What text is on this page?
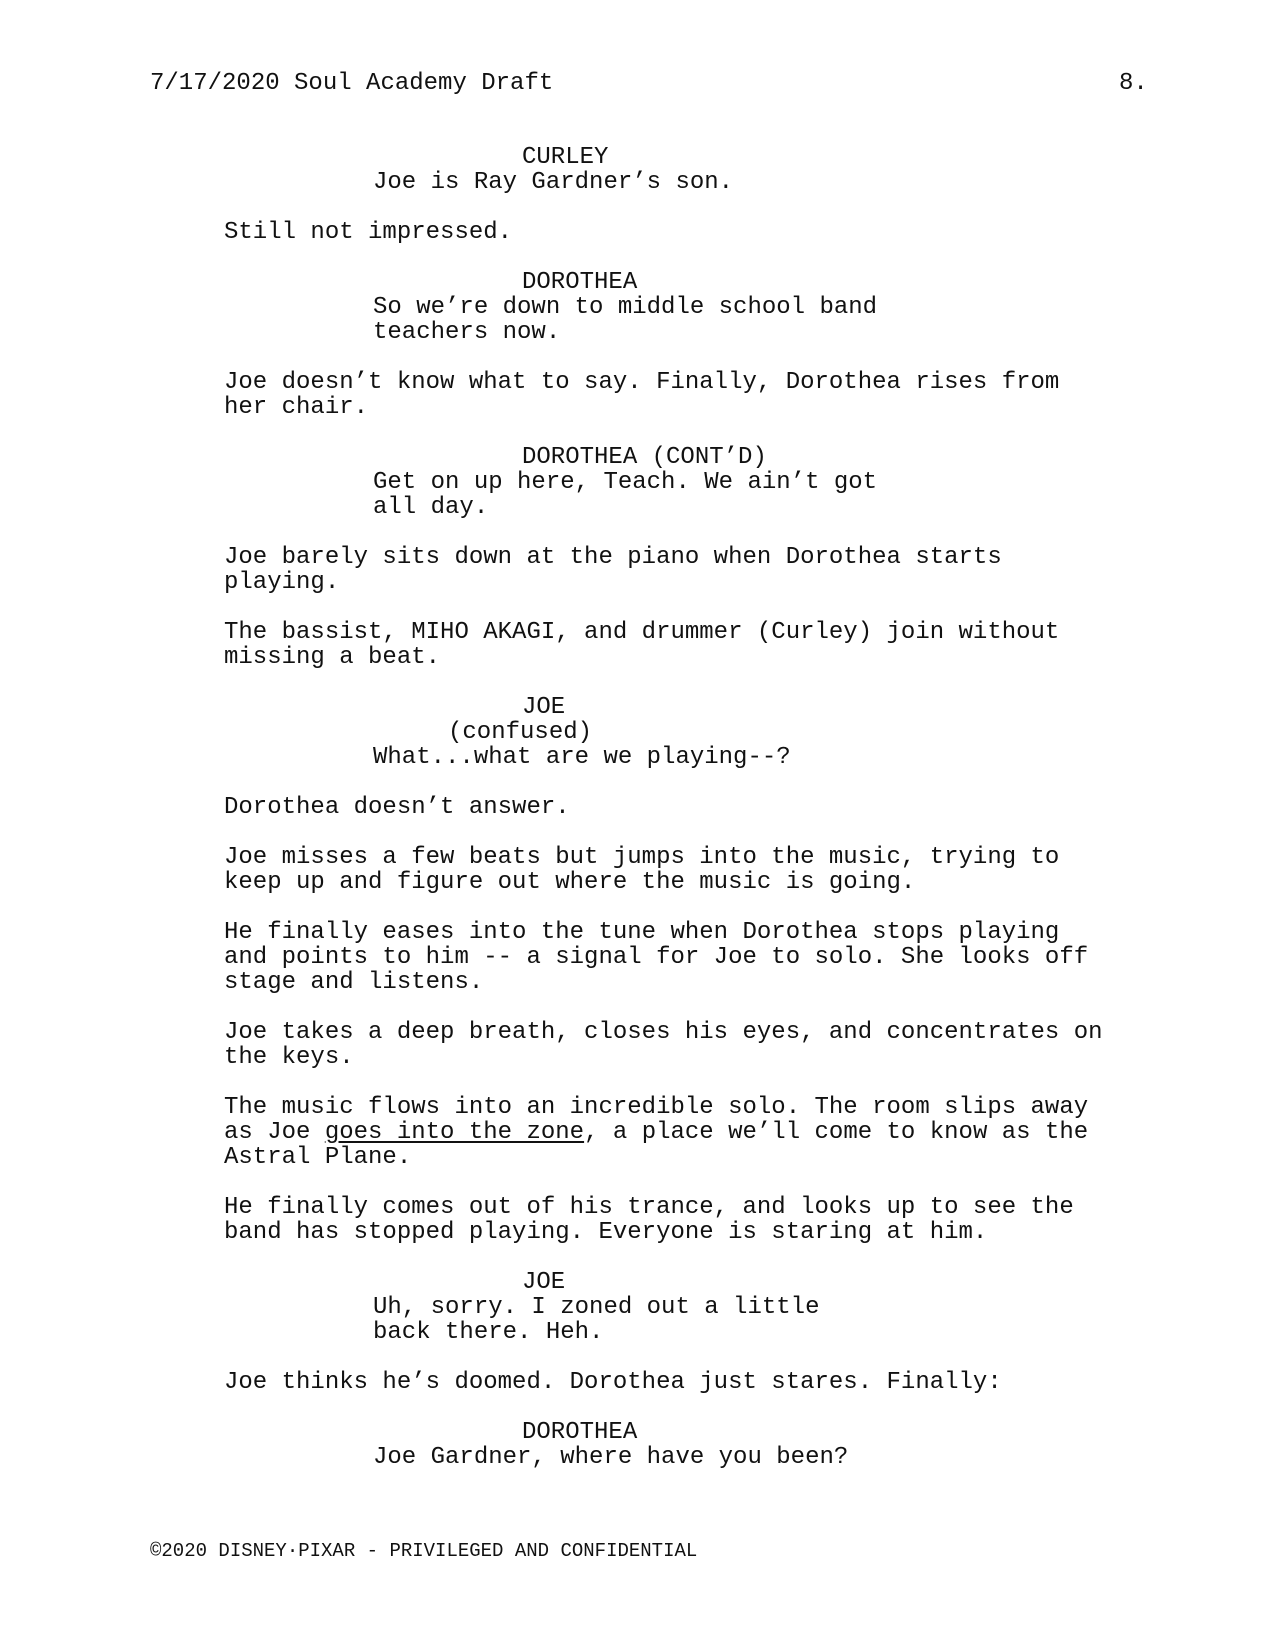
7/17/2020 Soul Academy Draft	8.
CURLEY
Joe is Ray Gardner’s son.
Still not impressed.
DOROTHEA
So we’re down to middle school band
teachers now.
Joe doesn’t know what to say. Finally, Dorothea rises from
her chair.
DOROTHEA (CONT’D)
Get on up here, Teach. We ain’t got
all day.
Joe barely sits down at the piano when Dorothea starts
playing.
The bassist, MIHO AKAGI, and drummer (Curley) join without
missing a beat.
JOE
(confused)
What...what are we playing--?
Dorothea doesn’t answer.
Joe misses a few beats but jumps into the music, trying to
keep up and figure out where the music is going.
He finally eases into the tune when Dorothea stops playing
and points to him -- a signal for Joe to solo. She looks off
stage and listens.
Joe takes a deep breath, closes his eyes, and concentrates on
the keys.
The music flows into an incredible solo. The room slips away
as Joe goes into the zone, a place we’ll come to know as the
Astral Plane.
He finally comes out of his trance, and looks up to see the
band has stopped playing. Everyone is staring at him.
JOE
Uh, sorry. I zoned out a little
back there. Heh.
Joe thinks he’s doomed. Dorothea just stares. Finally:
DOROTHEA
Joe Gardner, where have you been?
©2020 DISNEY·PIXAR - PRIVILEGED AND CONFIDENTIAL
